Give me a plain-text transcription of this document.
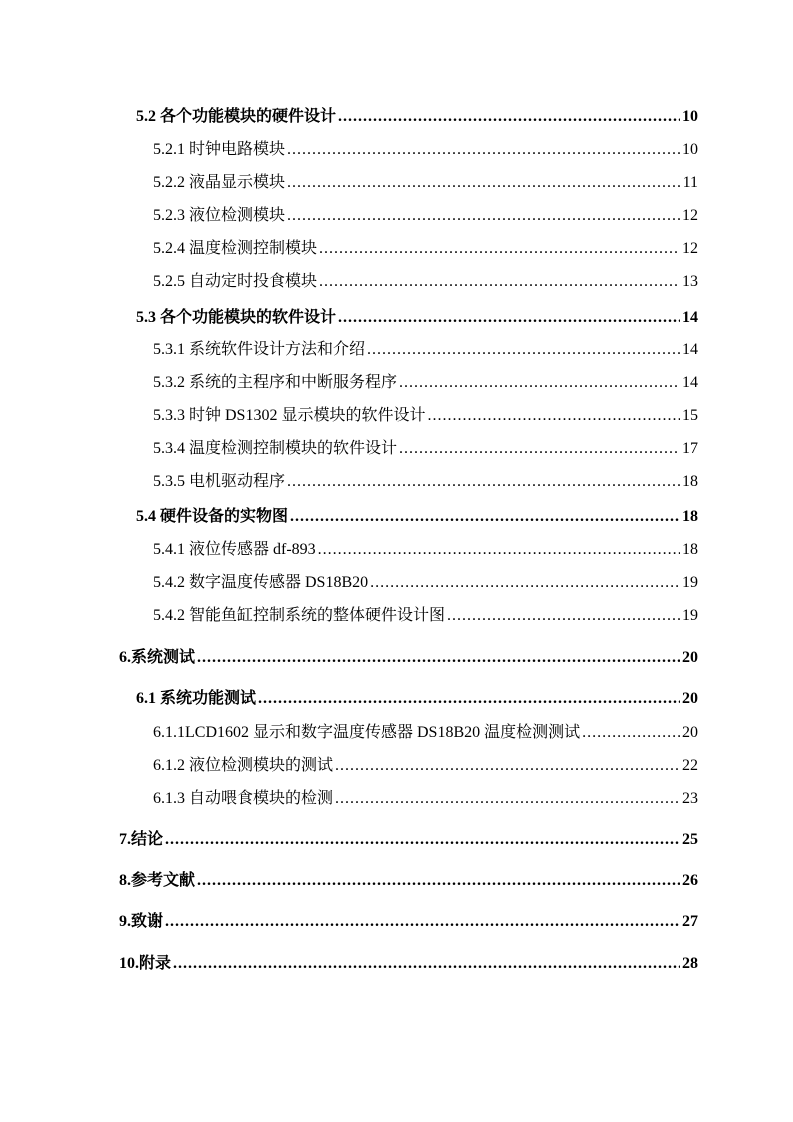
5.2 各个功能模块的硬件设计 .....	10
5.2.1 时钟电路模块 .....	10
5.2.2 液晶显示模块 .....	11
5.2.3 液位检测模块 .....	12
5.2.4 温度检测控制模块 .....	12
5.2.5 自动定时投食模块 .....	13
5.3 各个功能模块的软件设计 .....	14
5.3.1 系统软件设计方法和介绍 .....	14
5.3.2 系统的主程序和中断服务程序 .....	14
5.3.3 时钟 DS1302 显示模块的软件设计 .....	15
5.3.4 温度检测控制模块的软件设计 .....	17
5.3.5 电机驱动程序 .....	18
5.4 硬件设备的实物图 .....	18
5.4.1 液位传感器 df-893 .....	18
5.4.2 数字温度传感器 DS18B20 .....	19
5.4.2 智能鱼缸控制系统的整体硬件设计图 .....	19
6.系统测试 .....	20
6.1 系统功能测试 .....	20
6.1.1LCD1602 显示和数字温度传感器 DS18B20 温度检测测试 .....	20
6.1.2 液位检测模块的测试 .....	22
6.1.3 自动喂食模块的检测 .....	23
7.结论 .....	25
8.参考文献 .....	26
9.致谢 .....	27
10.附录 .....	28
